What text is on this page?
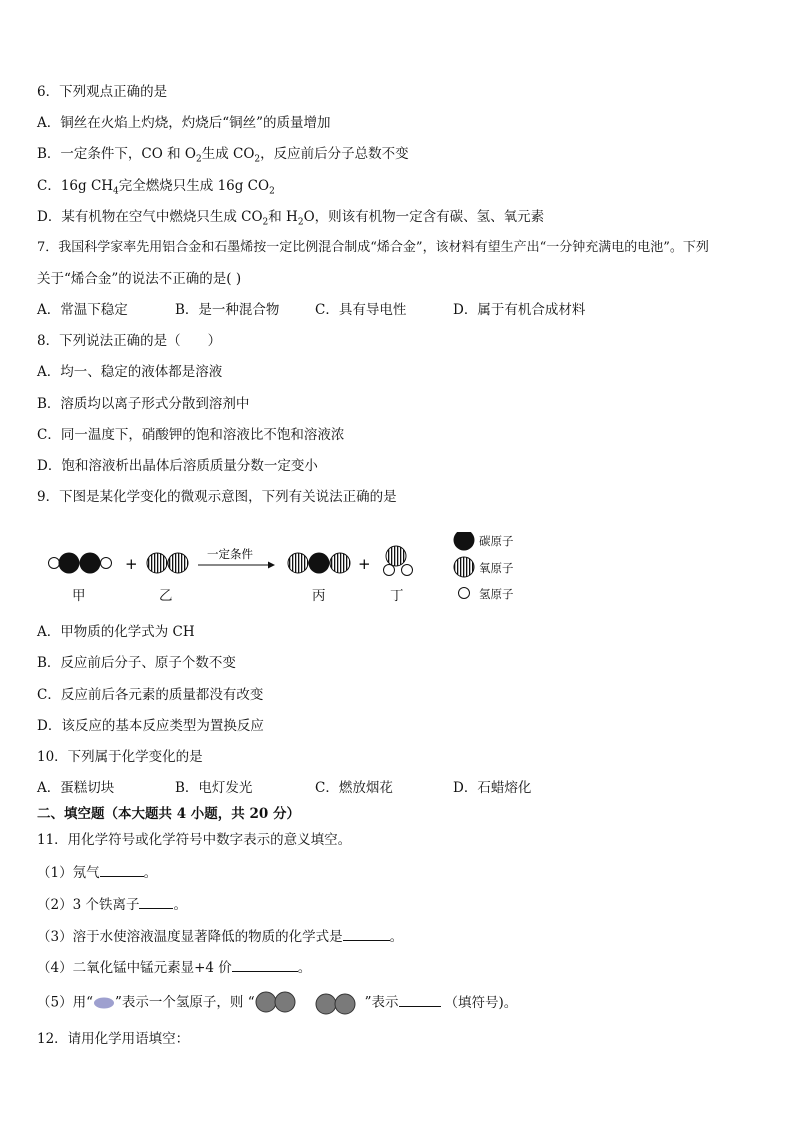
6．下列观点正确的是
A．铜丝在火焰上灼烧，灼烧后“铜丝”的质量增加
B．一定条件下，CO 和 $O_2$生成 $CO_2$，反应前后分子总数不变
C．16g $CH_4$完全燃烧只生成 16g $CO_2$
D．某有机物在空气中燃烧只生成 $CO_2$和 $H_2O$，则该有机物一定含有碳、氢、氧元素
7．我国科学家率先用铝合金和石墨烯按一定比例混合制成“烯合金”，该材料有望生产出“一分钟充满电的电池”。下列
关于“烯合金”的说法不正确的是( )
A．常温下稳定	B．是一种混合物	C．具有导电性	D．属于有机合成材料
8．下列说法正确的是（　　）
A．均一、稳定的液体都是溶液
B．溶质均以离子形式分散到溶剂中
C．同一温度下，硝酸钾的饱和溶液比不饱和溶液浓
D．饱和溶液析出晶体后溶质质量分数一定变小
9．下图是某化学变化的微观示意图，下列有关说法正确的是
+
一定条件
+
甲	乙	丙	丁
碳原子
氧原子
氢原子
A．甲物质的化学式为 CH
B．反应前后分子、原子个数不变
C．反应前后各元素的质量都没有改变
D．该反应的基本反应类型为置换反应
10．下列属于化学变化的是
A．蛋糕切块	B．电灯发光	C．燃放烟花	D．石蜡熔化
二、填空题（本大题共 4 小题，共 20 分）
11．用化学符号或化学符号中数字表示的意义填空。
（1）氖气	。
（2）3 个铁离子	。
（3）溶于水使溶液温度显著降低的物质的化学式是	。
（4）二氧化锰中锰元素显+4 价	。
（5）用“ ”表示一个氢原子，则 “	”表示	（填符号)。
12．请用化学用语填空：
